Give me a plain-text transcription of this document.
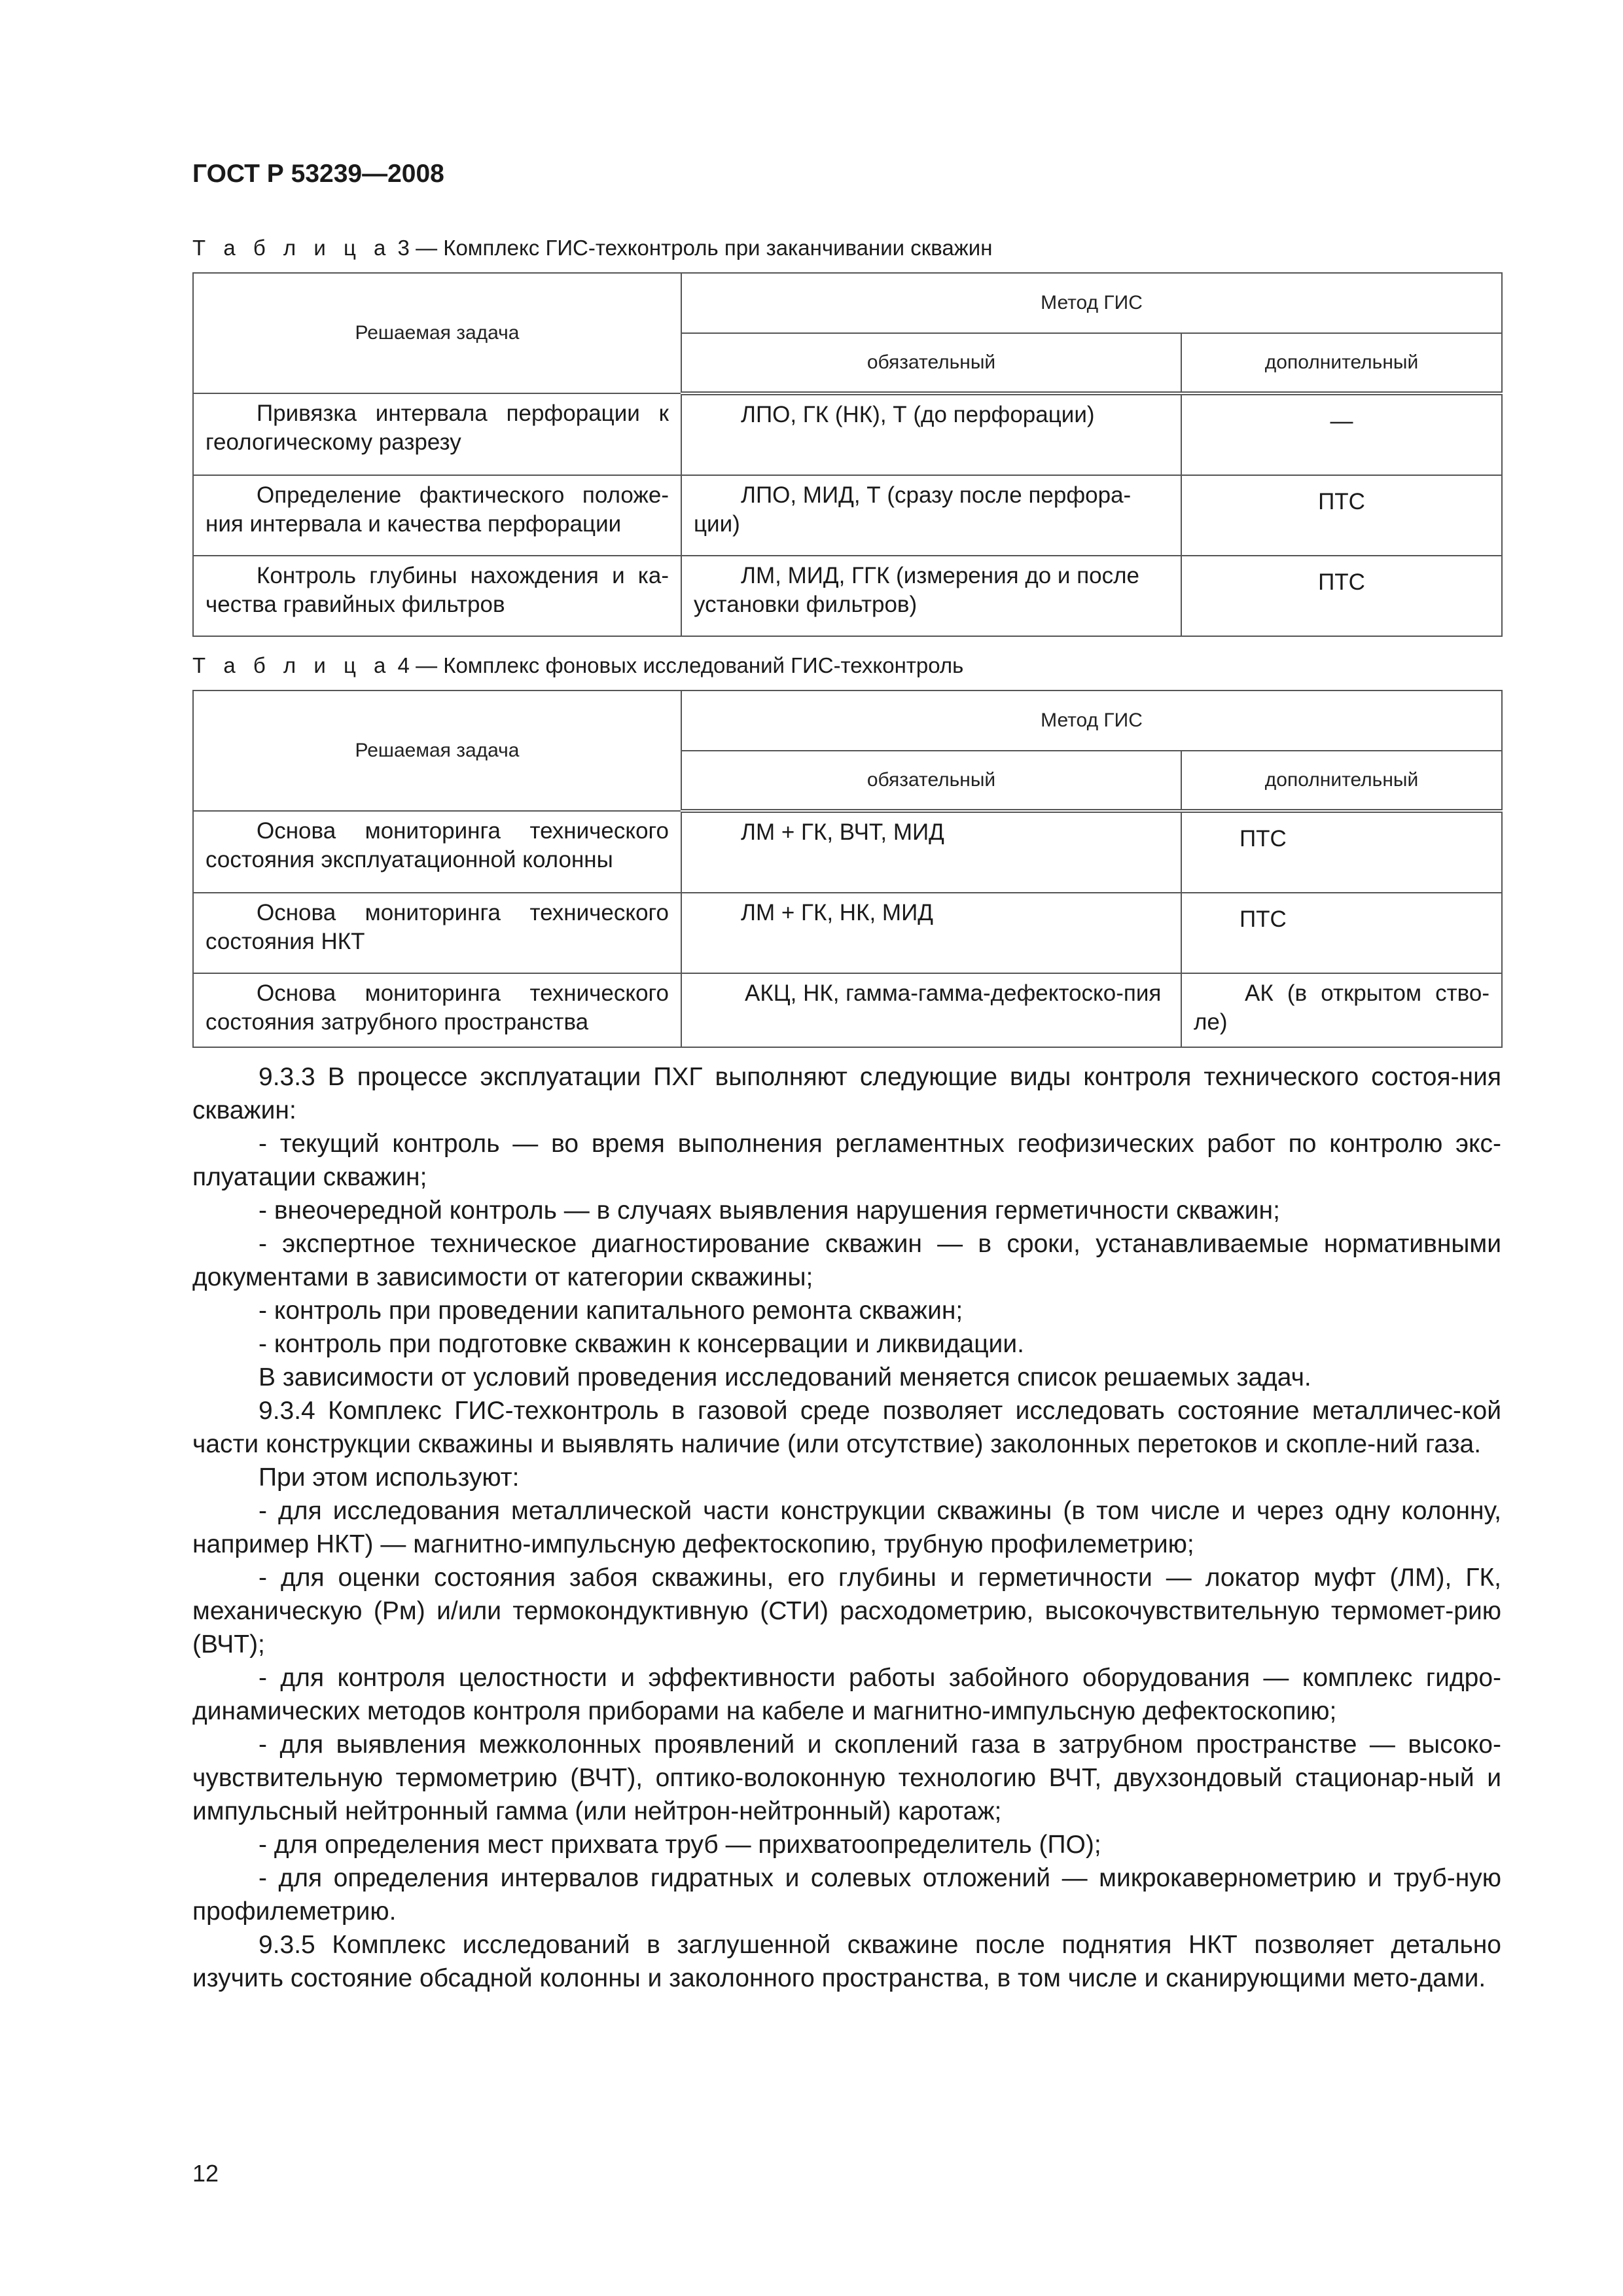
ГОСТ Р 53239—2008
Т а б л и ц а 3 — Комплекс ГИС-техконтроль при заканчивании скважин
Решаемая задача	Метод ГИС	
	обязательный	дополнительный
Привязка интервала перфорации к геологическому разрезу	ЛПО, ГК (НК), Т (до перфорации)	—
Определение фактического положе-ния интервала и качества перфорации	ЛПО, МИД, Т (сразу после перфора-ции)	ПТС
Контроль глубины нахождения и ка-чества гравийных фильтров	ЛМ, МИД, ГГК (измерения до и после установки фильтров)	ПТС
Т а б л и ц а 4 — Комплекс фоновых исследований ГИС-техконтроль
Решаемая задача	Метод ГИС	
	обязательный	дополнительный
Основа мониторинга технического состояния эксплуатационной колонны	ЛМ + ГК, ВЧТ, МИД	ПТС
Основа мониторинга технического состояния НКТ	ЛМ + ГК, НК, МИД	ПТС
Основа мониторинга технического состояния затрубного пространства	АКЦ, НК, гамма-гамма-дефектоско-пия	АК (в открытом ство-ле)

9.3.3 В процессе эксплуатации ПХГ выполняют следующие виды контроля технического состоя-ния скважин:

- текущий контроль — во время выполнения регламентных геофизических работ по контролю экс-плуатации скважин;

- внеочередной контроль — в случаях выявления нарушения герметичности скважин;

- экспертное техническое диагностирование скважин — в сроки, устанавливаемые нормативными документами в зависимости от категории скважины;

- контроль при проведении капитального ремонта скважин;

- контроль при подготовке скважин к консервации и ликвидации.

В зависимости от условий проведения исследований меняется список решаемых задач.

9.3.4 Комплекс ГИС-техконтроль в газовой среде позволяет исследовать состояние металличес-кой части конструкции скважины и выявлять наличие (или отсутствие) заколонных перетоков и скопле-ний газа.

При этом используют:

- для исследования металлической части конструкции скважины (в том числе и через одну колонну, например НКТ) — магнитно-импульсную дефектоскопию, трубную профилеметрию;

- для оценки состояния забоя скважины, его глубины и герметичности — локатор муфт (ЛМ), ГК, механическую (Рм) и/или термокондуктивную (СТИ) расходометрию, высокочувствительную термомет-рию (ВЧТ);

- для контроля целостности и эффективности работы забойного оборудования — комплекс гидро-динамических методов контроля приборами на кабеле и магнитно-импульсную дефектоскопию;

- для выявления межколонных проявлений и скоплений газа в затрубном пространстве — высоко-чувствительную термометрию (ВЧТ), оптико-волоконную технологию ВЧТ, двухзондовый стационар-ный и импульсный нейтронный гамма (или нейтрон-нейтронный) каротаж;

- для определения мест прихвата труб — прихватоопределитель (ПО);

- для определения интервалов гидратных и солевых отложений — микрокавернометрию и труб-ную профилеметрию.

9.3.5 Комплекс исследований в заглушенной скважине после поднятия НКТ позволяет детально изучить состояние обсадной колонны и заколонного пространства, в том числе и сканирующими мето-дами.

12
